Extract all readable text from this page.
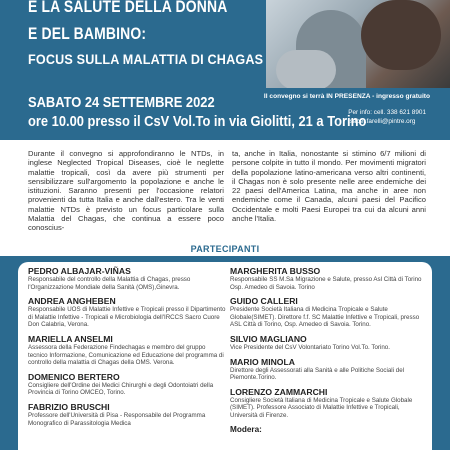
E LA SALUTE DELLA DONNA
E DEL BAMBINO:
FOCUS SULLA MALATTIA DI CHAGAS
Il convegno si terrà IN PRESENZA - ingresso gratuito
SABATO 24 SETTEMBRE 2022
ore 10.00 presso il CsV Vol.To in via Giolitti, 21 a Torino
Per info: cell. 338 621 8901
isabel.farelli@pintre.org

Durante il convegno si approfondiranno le NTDs, in inglese Neglected Tropical Diseases, cioè le neglette malattie tropicali, così da avere più strumenti per sensibilizzare sull'argomento la popolazione e anche le istituzioni. Saranno presenti per l'occasione relatori provenienti da tutta Italia e anche dall'estero. Tra le venti malattie NTDs è previsto un focus particolare sulla Malattia del Chagas, che continua a essere poco conoscius-

ta, anche in Italia, nonostante si stimino 6/7 milioni di persone colpite in tutto il mondo. Per movimenti migratori della popolazione latino-americana verso altri continenti, il Chagas non è solo presente nelle aree endemiche dei 22 paesi dell'America Latina, ma anche in aree non endemiche come il Canada, alcuni paesi del Pacifico Occidentale e molti Paesi Europei tra cui da alcuni anni anche l'Italia.

PARTECIPANTI
PEDRO ALBAJAR-VIÑAS
Responsabile del controllo della Malattia di Chagas, presso l'Organizzazione Mondiale della Sanità (OMS),Ginevra.
ANDREA ANGHEBEN
Responsabile UOS di Malattie Infettive e Tropicali presso il Dipartimento di Malattie Infettive - Tropicali e Microbiologia dell'IRCCS Sacro Cuore Don Calabria, Verona.
MARIELLA ANSELMI
Assessora della Federazione Findechagas e membro del gruppo tecnico Informazione, Comunicazione ed Educazione del programma di controllo della malattia di Chagas della OMS. Verona.
DOMENICO BERTERO
Consigliere dell'Ordine dei Medici Chirurghi e degli Odontoiatri della Provincia di Torino OMCEO, Torino.
FABRIZIO BRUSCHI
Professore dell'Università di Pisa - Responsabile del Programma Monografico di Parassitologia Medica
MARGHERITA BUSSO
Responsabile SS M.Sa Migrazione e Salute, presso Asl Città di Torino Osp. Amedeo di Savoia. Torino
GUIDO CALLERI
Presidente Società Italiana di Medicina Tropicale e Salute Globale(SIMET). Direttore f.f. SC Malattie Infettive e Tropicali, presso ASL Città di Torino, Osp. Amedeo di Savoia. Torino.
SILVIO MAGLIANO
Vice Presidente del CsV Volontariato Torino Vol.To. Torino.
MARIO MINOLA
Direttore degli Assessorati alla Sanità e alle Politiche Sociali del Piemonte.Torino.
LORENZO ZAMMARCHI
Consigliere Società Italiana di Medicina Tropicale e Salute Globale (SIMET). Professore Associato di Malattie Infettive e Tropicali, Università di Firenze.
Modera:
